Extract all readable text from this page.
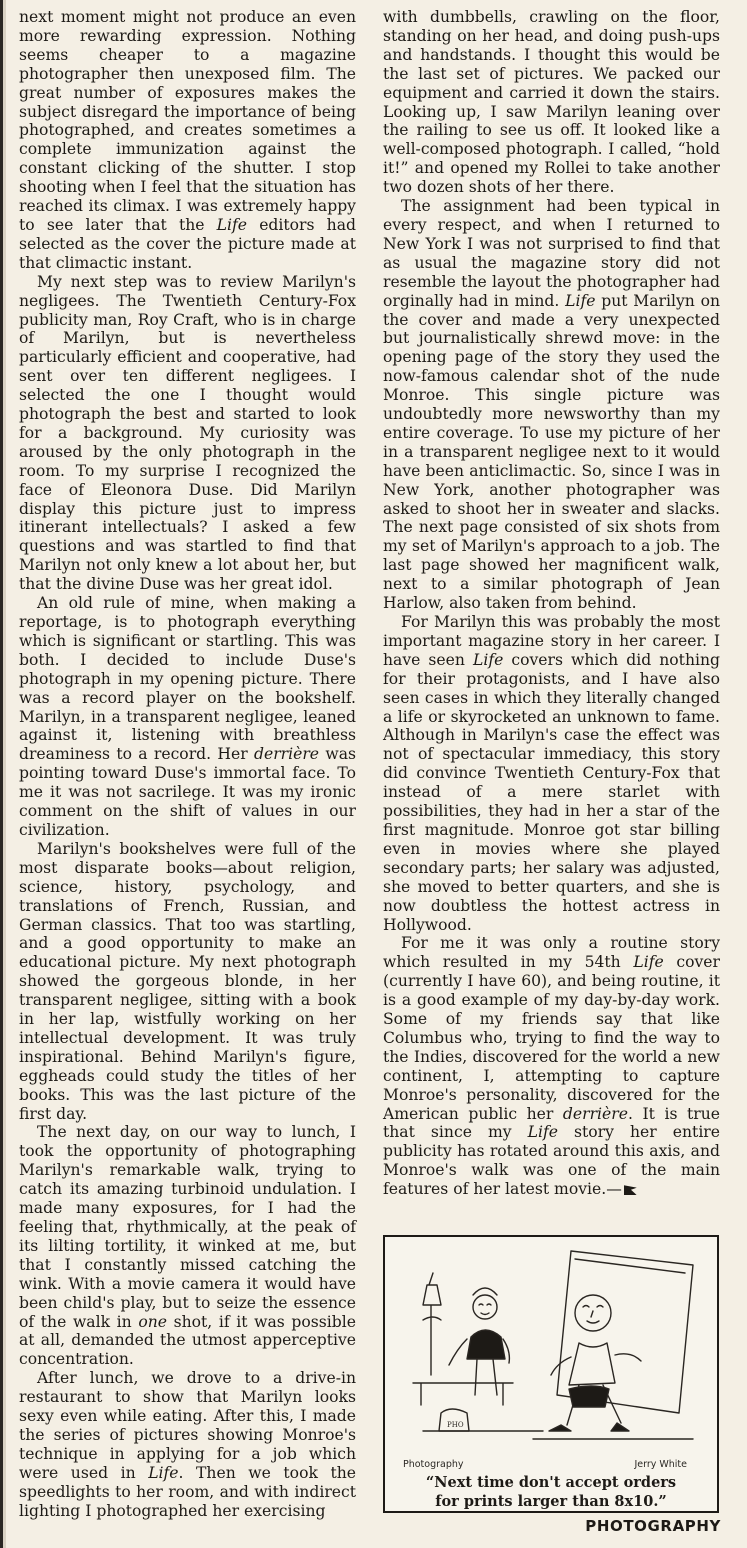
next moment might not produce an even more rewarding expression. Nothing seems cheaper to a magazine photographer then unexposed film. The great number of exposures makes the subject disregard the importance of being photographed, and creates sometimes a complete immunization against the constant clicking of the shutter. I stop shooting when I feel that the situation has reached its climax. I was extremely happy to see later that the Life editors had selected as the cover the picture made at that climactic instant.

My next step was to review Marilyn's negligees. The Twentieth Century-Fox publicity man, Roy Craft, who is in charge of Marilyn, but is nevertheless particularly efficient and cooperative, had sent over ten different negligees. I selected the one I thought would photograph the best and started to look for a background. My curiosity was aroused by the only photograph in the room. To my surprise I recognized the face of Eleonora Duse. Did Marilyn display this picture just to impress itinerant intellectuals? I asked a few questions and was startled to find that Marilyn not only knew a lot about her, but that the divine Duse was her great idol.

An old rule of mine, when making a reportage, is to photograph everything which is significant or startling. This was both. I decided to include Duse's photograph in my opening picture. There was a record player on the bookshelf. Marilyn, in a transparent negligee, leaned against it, listening with breathless dreaminess to a record. Her derrière was pointing toward Duse's immortal face. To me it was not sacrilege. It was my ironic comment on the shift of values in our civilization.

Marilyn's bookshelves were full of the most disparate books—about religion, science, history, psychology, and translations of French, Russian, and German classics. That too was startling, and a good opportunity to make an educational picture. My next photograph showed the gorgeous blonde, in her transparent negligee, sitting with a book in her lap, wistfully working on her intellectual development. It was truly inspirational. Behind Marilyn's figure, eggheads could study the titles of her books. This was the last picture of the first day.

The next day, on our way to lunch, I took the opportunity of photographing Marilyn's remarkable walk, trying to catch its amazing turbinoid undulation. I made many exposures, for I had the feeling that, rhythmically, at the peak of its lilting tortility, it winked at me, but that I constantly missed catching the wink. With a movie camera it would have been child's play, but to seize the essence of the walk in one shot, if it was possible at all, demanded the utmost apperceptive concentration.

After lunch, we drove to a drive-in restaurant to show that Marilyn looks sexy even while eating. After this, I made the series of pictures showing Monroe's technique in applying for a job which were used in Life. Then we took the speedlights to her room, and with indirect lighting I photographed her exercising

with dumbbells, crawling on the floor, standing on her head, and doing push-ups and handstands. I thought this would be the last set of pictures. We packed our equipment and carried it down the stairs. Looking up, I saw Marilyn leaning over the railing to see us off. It looked like a well-composed photograph. I called, “hold it!” and opened my Rollei to take another two dozen shots of her there.

The assignment had been typical in every respect, and when I returned to New York I was not surprised to find that as usual the magazine story did not resemble the layout the photographer had orginally had in mind. Life put Marilyn on the cover and made a very unexpected but journalistically shrewd move: in the opening page of the story they used the now-famous calendar shot of the nude Monroe. This single picture was undoubtedly more newsworthy than my entire coverage. To use my picture of her in a transparent negligee next to it would have been anticlimactic. So, since I was in New York, another photographer was asked to shoot her in sweater and slacks. The next page consisted of six shots from my set of Marilyn's approach to a job. The last page showed her magnificent walk, next to a similar photograph of Jean Harlow, also taken from behind.

For Marilyn this was probably the most important magazine story in her career. I have seen Life covers which did nothing for their protagonists, and I have also seen cases in which they literally changed a life or skyrocketed an unknown to fame. Although in Marilyn's case the effect was not of spectacular immediacy, this story did convince Twentieth Century-Fox that instead of a mere starlet with possibilities, they had in her a star of the first magnitude. Monroe got star billing even in movies where she played secondary parts; her salary was adjusted, she moved to better quarters, and she is now doubtless the hottest actress in Hollywood.

For me it was only a routine story which resulted in my 54th Life cover (currently I have 60), and being routine, it is a good example of my day-by-day work. Some of my friends say that like Columbus who, trying to find the way to the Indies, discovered for the world a new continent, I, attempting to capture Monroe's personality, discovered for the American public her derrière. It is true that since my Life story her entire publicity has rotated around this axis, and Monroe's walk was one of the main features of her latest movie.—

PHO
Photography	Jerry White
“Next time don't accept orders
for prints larger than 8x10.”
PHOTOGRAPHY
